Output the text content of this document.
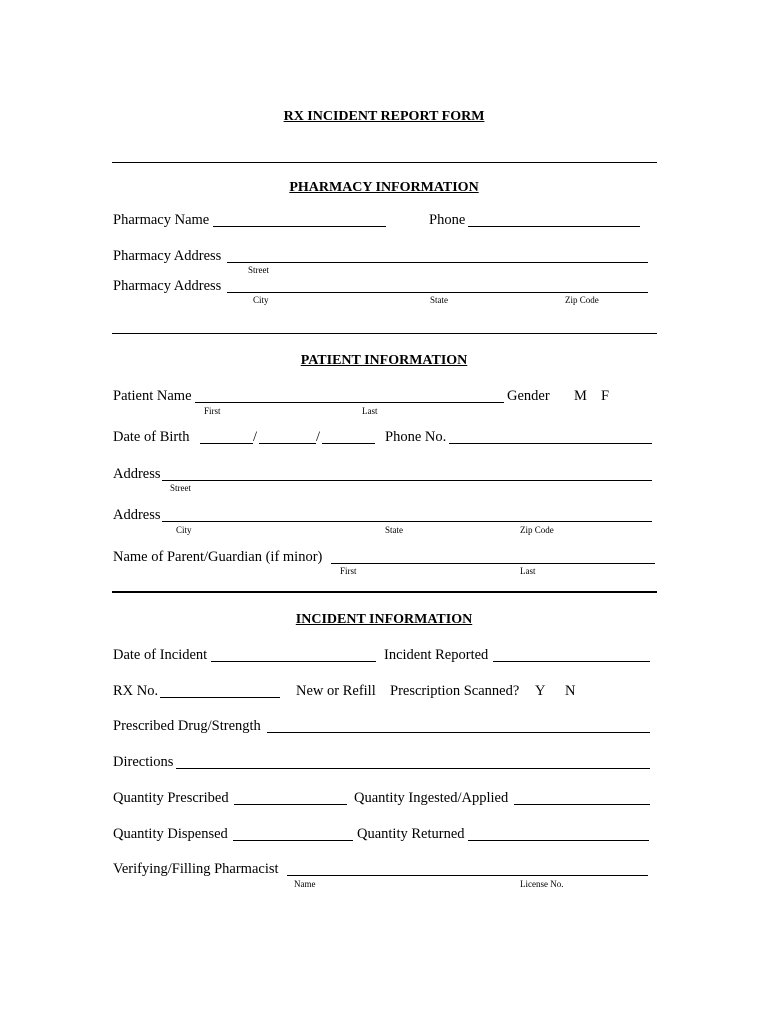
RX INCIDENT REPORT FORM
PHARMACY INFORMATION
Pharmacy Name	Phone
Pharmacy Address
Street
Pharmacy Address
City	State	Zip Code
PATIENT INFORMATION
Patient Name
First	Last
Gender M F
Date of Birth	/	/	Phone No.
Address
Street
Address
City	State	Zip Code
Name of Parent/Guardian (if minor)
First	Last
INCIDENT INFORMATION
Date of Incident	Incident Reported
RX No.	New or Refill Prescription Scanned? Y N
Prescribed Drug/Strength
Directions
Quantity Prescribed	Quantity Ingested/Applied
Quantity Dispensed	Quantity Returned
Verifying/Filling Pharmacist
Name	License No.
